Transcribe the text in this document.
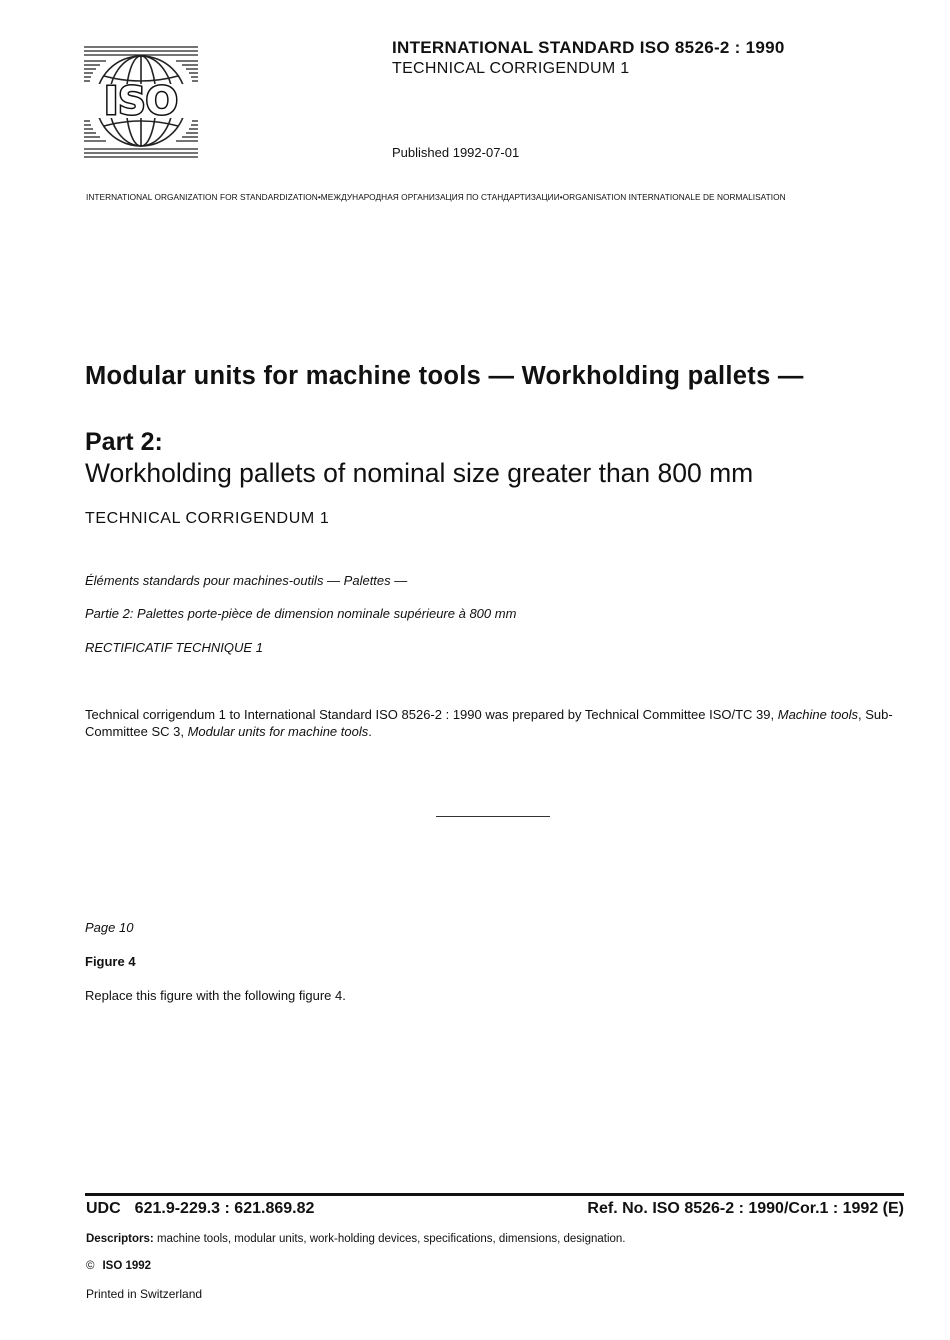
ISO
INTERNATIONAL STANDARD ISO 8526-2 : 1990
TECHNICAL CORRIGENDUM 1
Published 1992-07-01
INTERNATIONAL ORGANIZATION FOR STANDARDIZATION•МЕЖДУНАРОДНАЯ ОРГАНИЗАЦИЯ ПО СТАНДАРТИЗАЦИИ•ORGANISATION INTERNATIONALE DE NORMALISATION
Modular units for machine tools — Workholding pallets —
Part 2:
Workholding pallets of nominal size greater than 800 mm
TECHNICAL CORRIGENDUM 1
Éléments standards pour machines-outils — Palettes —
Partie 2: Palettes porte-pièce de dimension nominale supérieure à 800 mm
RECTIFICATIF TECHNIQUE 1
Technical corrigendum 1 to International Standard ISO 8526-2 : 1990 was prepared by Technical Committee ISO/TC 39, Machine tools, Sub-Committee SC 3, Modular units for machine tools.
Page 10
Figure 4
Replace this figure with the following figure 4.
UDC 621.9-229.3 : 621.869.82	Ref. No. ISO 8526-2 : 1990/Cor.1 : 1992 (E)
Descriptors: machine tools, modular units, work-holding devices, specifications, dimensions, designation.
© ISO 1992
Printed in Switzerland
